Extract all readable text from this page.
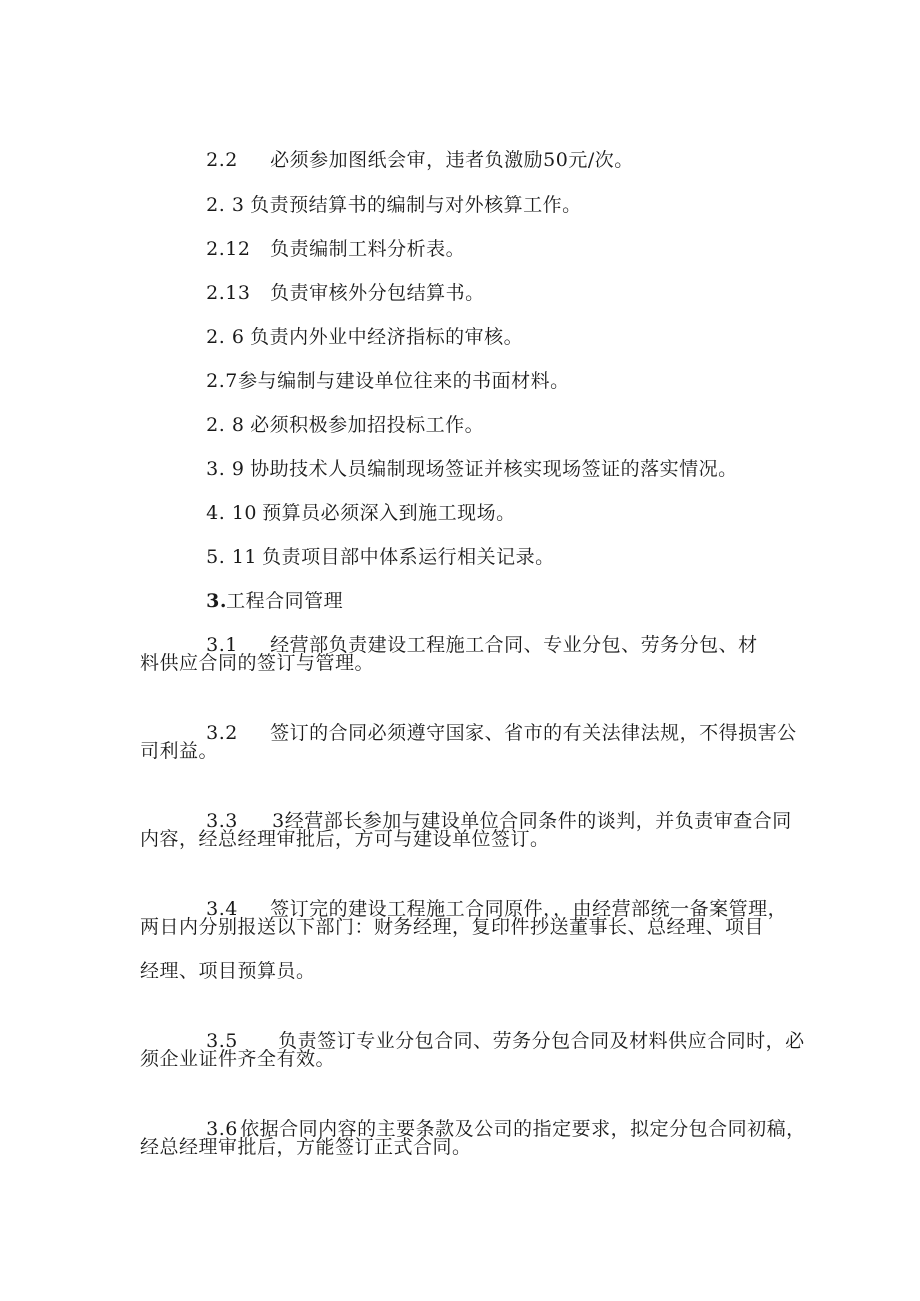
2.2 必须参加图纸会审，违者负激励50元/次。

2. 3 负责预结算书的编制与对外核算工作。

2.12 负责编制工料分析表。

2.13 负责审核外分包结算书。

2. 6 负责内外业中经济指标的审核。

2.7参与编制与建设单位往来的书面材料。

2. 8 必须积极参加招投标工作。

3. 9 协助技术人员编制现场签证并核实现场签证的落实情况。

4. 10 预算员必须深入到施工现场。

5. 11 负责项目部中体系运行相关记录。

3.工程合同管理

3.1 经营部负责建设工程施工合同、专业分包、劳务分包、材

料供应合同的签订与管理。

3.2 签订的合同必须遵守国家、省市的有关法律法规，不得损害公

司利益。

3.3 3经营部长参加与建设单位合同条件的谈判，并负责审查合同

内容，经总经理审批后，方可与建设单位签订。

3.4 签订完的建设工程施工合同原件，，由经营部统一备案管理，

两日内分别报送以下部门：财务经理，复印件抄送董事长、总经理、项目
经理、项目预算员。

3.5 负责签订专业分包合同、劳务分包合同及材料供应合同时，必

须企业证件齐全有效。

3.6 依据合同内容的主要条款及公司的指定要求，拟定分包合同初稿，

经总经理审批后，方能签订正式合同。
